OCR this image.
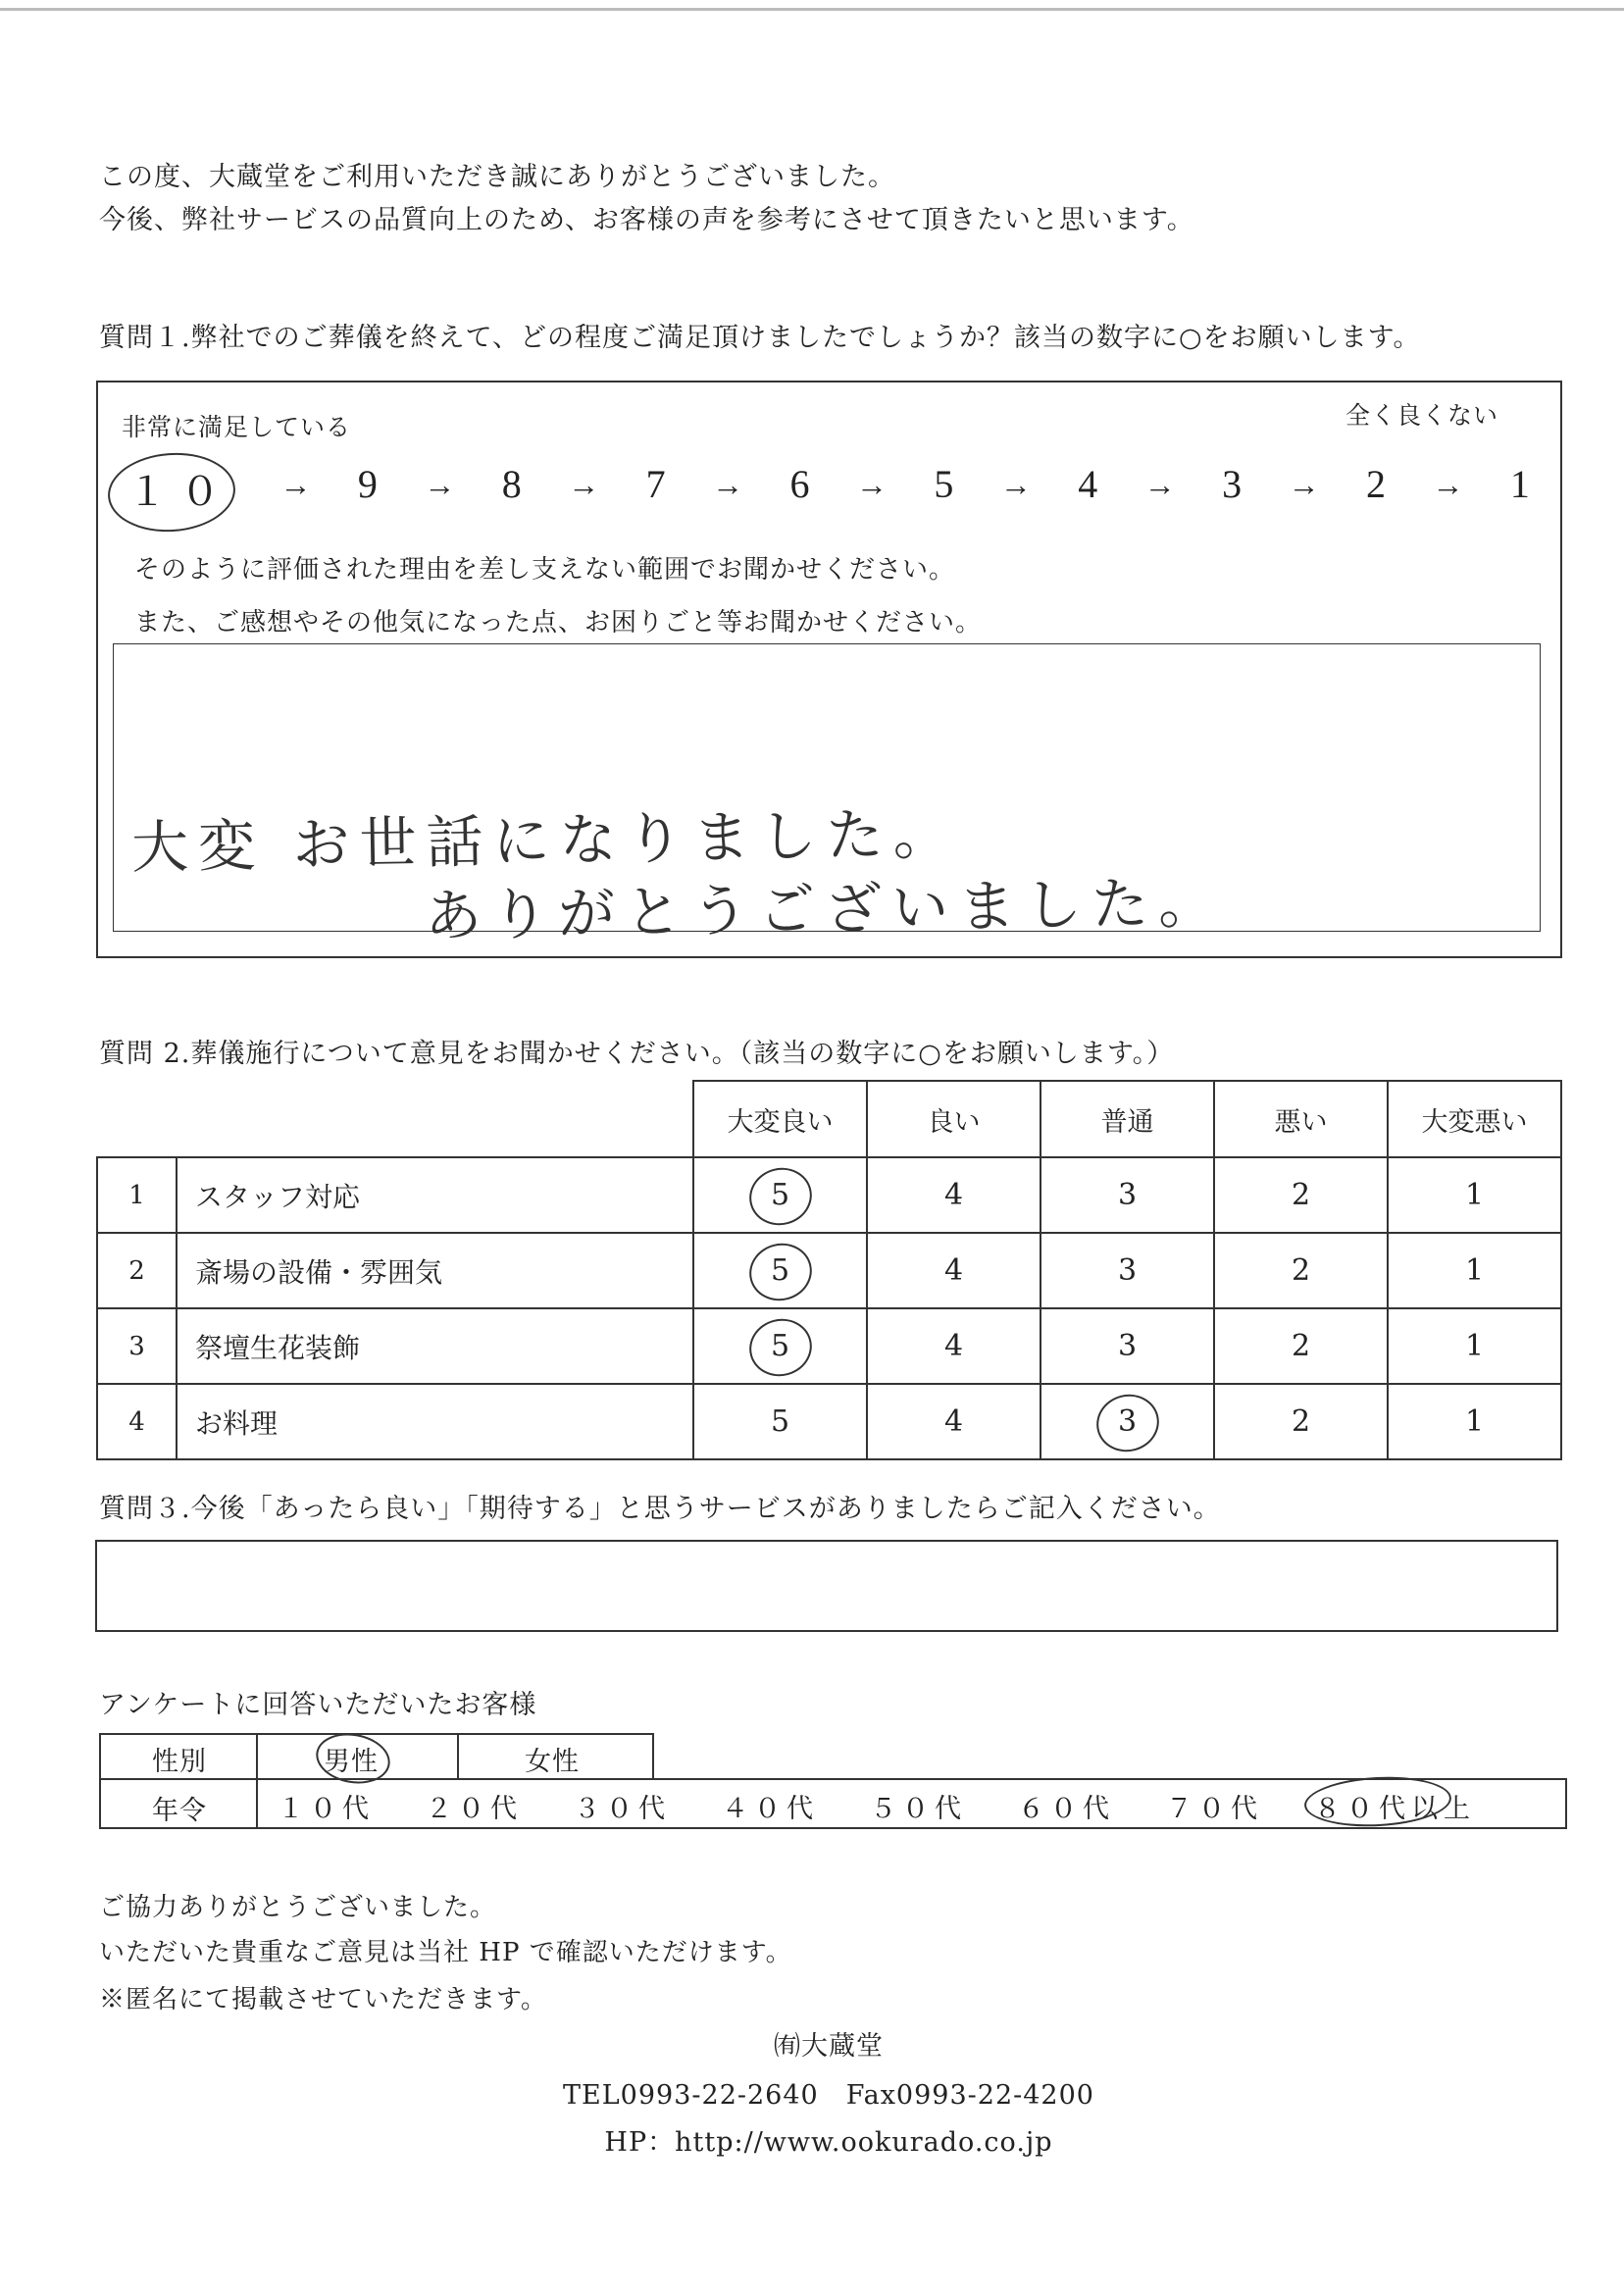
この度、大蔵堂をご利用いただき誠にありがとうございました。
今後、弊社サービスの品質向上のため、お客様の声を参考にさせて頂きたいと思います。
質問１.弊社でのご葬儀を終えて、どの程度ご満足頂けましたでしょうか？該当の数字に○をお願いします。
非常に満足している	全く良くない
１０ → 9 → 8 → 7 → 6 → 5 → 4 → 3 → 2 → 1
そのように評価された理由を差し支えない範囲でお聞かせください。
また、ご感想やその他気になった点、お困りごと等お聞かせください。
大変 お世話になりました。
ありがとうございました。
質問 2.葬儀施行について意見をお聞かせください。（該当の数字に○をお願いします。）
		大変良い	良い	普通	悪い	大変悪い
1	スタッフ対応	5	4	3	2	1
2	斎場の設備・雰囲気	5	4	3	2	1
3	祭壇生花装飾	5	4	3	2	1
4	お料理	5	4	3	2	1
質問３.今後「あったら良い」「期待する」と思うサービスがありましたらご記入ください。
アンケートに回答いただいたお客様
性別	男性	女性
年令	１０代 ２０代 ３０代 ４０代 ５０代 ６０代 ７０代 ８０代以上
ご協力ありがとうございました。
いただいた貴重なご意見は当社 HP で確認いただけます。
※匿名にて掲載させていただきます。
㈲大蔵堂
TEL0993-22-2640　Fax0993-22-4200
HP：http://www.ookurado.co.jp
